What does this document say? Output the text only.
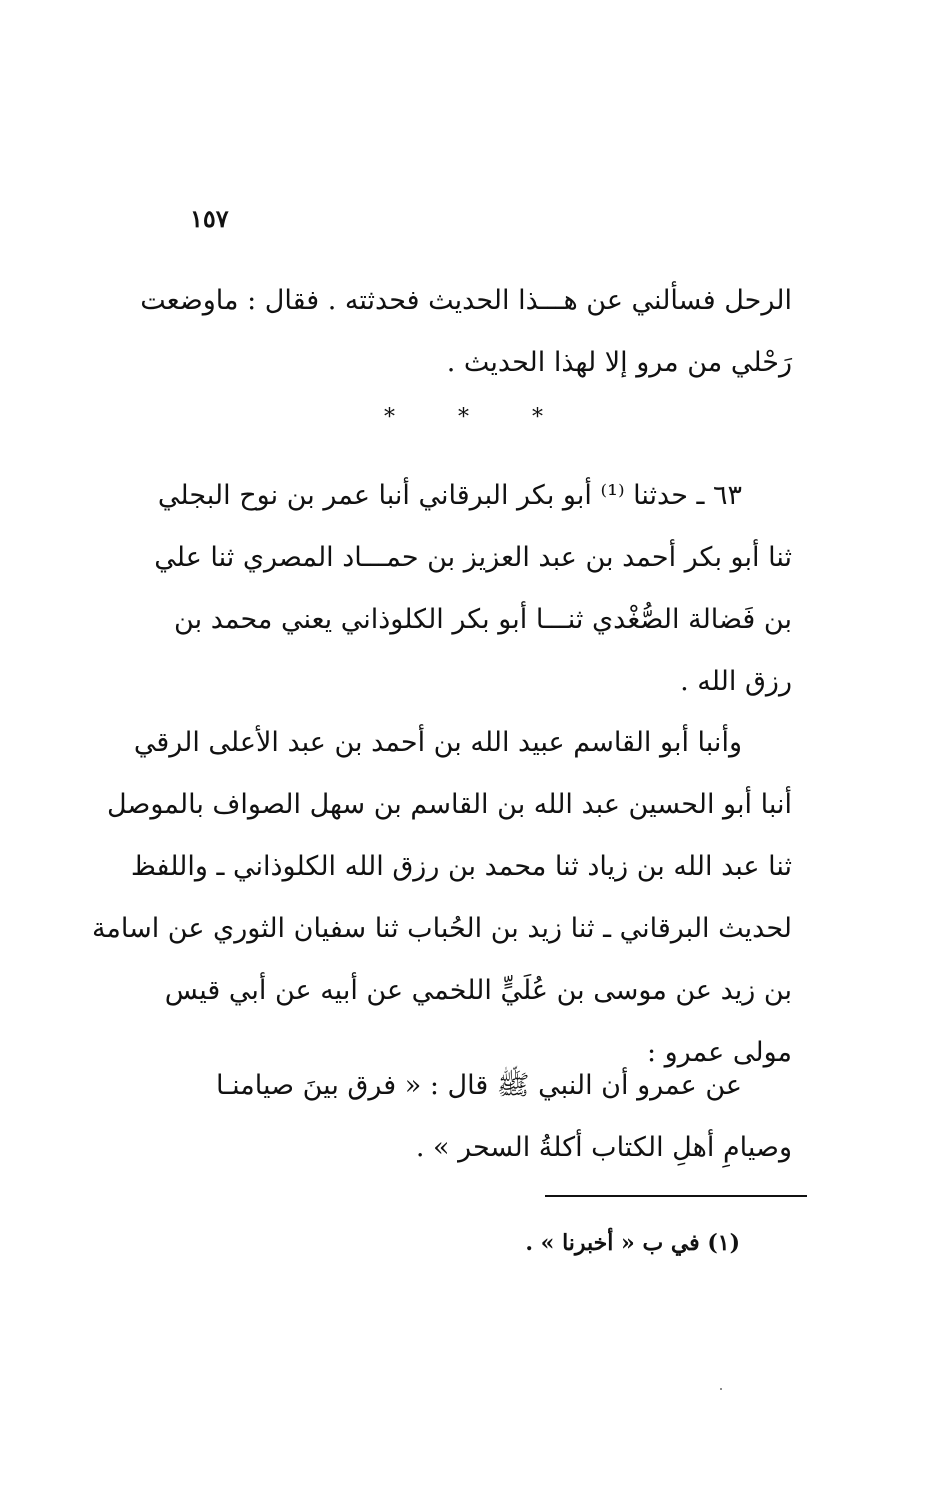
١٥٧
الرحل فسألني عن هـــذا الحديث فحدثته . فقال : ماوضعت
رَحْلي من مرو إلا لهذا الحديث .
* * *
٦٣ ـ حدثنا ⁽¹⁾ أبو بكر البرقاني أنبا عمر بن نوح البجلي
ثنا أبو بكر أحمد بن عبد العزيز بن حمـــاد المصري ثنا علي
بن فَضالة الصُّغْدي ثنـــا أبو بكر الكلوذاني يعني محمد بن
رزق الله .
وأنبا أبو القاسم عبيد الله بن أحمد بن عبد الأعلى الرقي
أنبا أبو الحسين عبد الله بن القاسم بن سهل الصواف بالموصل
ثنا عبد الله بن زياد ثنا محمد بن رزق الله الكلوذاني ـ واللفظ
لحديث البرقاني ـ ثنا زيد بن الحُباب ثنا سفيان الثوري عن اسامة
بن زيد عن موسى بن عُلَيٍّ اللخمي عن أبيه عن أبي قيس
مولى عمرو :
عن عمرو أن النبي ﷺ قال : « فرق بينَ صيامنـا
وصيامِ أهلِ الكتاب أكلةُ السحر » .
(١) في ب « أخبرنا » .
